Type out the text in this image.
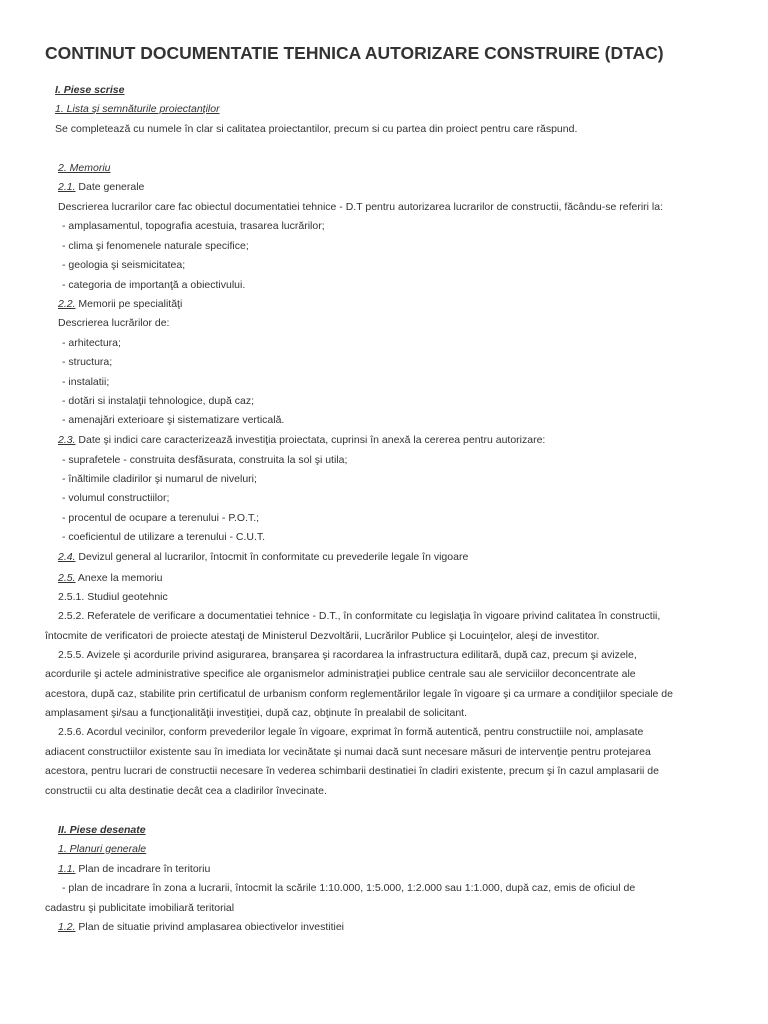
CONTINUT DOCUMENTATIE TEHNICA AUTORIZARE CONSTRUIRE (DTAC)

I. Piese scrise

1. Lista şi semnăturile proiectanţilor

Se completează cu numele în clar si calitatea proiectantilor, precum si cu partea din proiect pentru care răspund.

2. Memoriu

2.1. Date generale

Descrierea lucrarilor care fac obiectul documentatiei tehnice - D.T pentru autorizarea lucrarilor de constructii, făcându-se referiri la:

- amplasamentul, topografia acestuia, trasarea lucrărilor;

- clima şi fenomenele naturale specifice;

- geologia şi seismicitatea;

- categoria de importanţă a obiectivului.

2.2. Memorii pe specialităţi

Descrierea lucrărilor de:

- arhitectura;

- structura;

- instalatii;

- dotări si instalaţii tehnologice, după caz;

- amenajări exterioare şi sistematizare verticală.

2.3. Date şi indici care caracterizează investiţia proiectata, cuprinsi în anexă la cererea pentru autorizare:

- suprafetele - construita desfăsurata, construita la sol şi utila;

- înăltimile cladirilor şi numarul de niveluri;

- volumul constructiilor;

- procentul de ocupare a terenului - P.O.T.;

- coeficientul de utilizare a terenului - C.U.T.

2.4. Devizul general al lucrarilor, întocmit în conformitate cu prevederile legale în vigoare

2.5. Anexe la memoriu

2.5.1. Studiul geotehnic

2.5.2. Referatele de verificare a documentatiei tehnice - D.T., în conformitate cu legislaţia în vigoare privind calitatea în constructii,

întocmite de verificatori de proiecte atestaţi de Ministerul Dezvoltării, Lucrărilor Publice şi Locuinţelor, aleşi de investitor.

2.5.5. Avizele şi acordurile privind asigurarea, branşarea şi racordarea la infrastructura edilitară, după caz, precum şi avizele,

acordurile şi actele administrative specifice ale organismelor administraţiei publice centrale sau ale serviciilor deconcentrate ale

acestora, după caz, stabilite prin certificatul de urbanism conform reglementărilor legale în vigoare şi ca urmare a condiţiilor speciale de

amplasament şi/sau a funcţionalităţii investiţiei, după caz, obţinute în prealabil de solicitant.

2.5.6. Acordul vecinilor, conform prevederilor legale în vigoare, exprimat în formă autentică, pentru constructiile noi, amplasate

adiacent constructiilor existente sau în imediata lor vecinătate şi numai dacă sunt necesare măsuri de intervenţie pentru protejarea

acestora, pentru lucrari de constructii necesare în vederea schimbarii destinatiei în cladiri existente, precum şi în cazul amplasarii de

constructii cu alta destinatie decât cea a cladirilor învecinate.

II. Piese desenate

1. Planuri generale

1.1. Plan de incadrare în teritoriu

- plan de incadrare în zona a lucrarii, întocmit la scările 1:10.000, 1:5.000, 1:2.000 sau 1:1.000, după caz, emis de oficiul de

cadastru şi publicitate imobiliară teritorial

1.2. Plan de situatie privind amplasarea obiectivelor investitiei
